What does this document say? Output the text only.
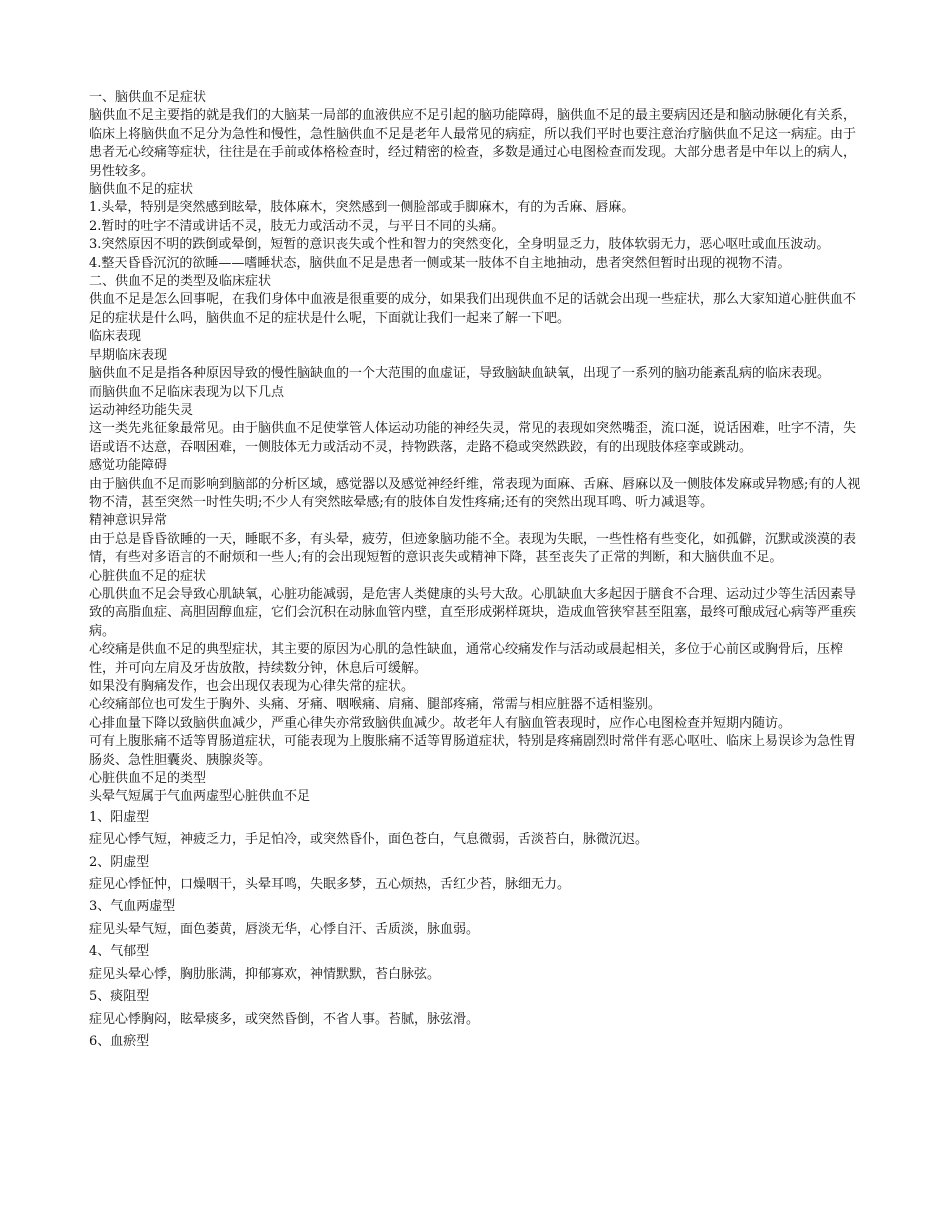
一、脑供血不足症状

脑供血不足主要指的就是我们的大脑某一局部的血液供应不足引起的脑功能障碍，脑供血不足的最主要病因还是和脑动脉硬化有关系，临床上将脑供血不足分为急性和慢性，急性脑供血不足是老年人最常见的病症，所以我们平时也要注意治疗脑供血不足这一病症。由于患者无心绞痛等症状，往往是在手前或体格检查时，经过精密的检查，多数是通过心电图检查而发现。大部分患者是中年以上的病人，男性较多。

脑供血不足的症状

1.头晕，特别是突然感到眩晕，肢体麻木，突然感到一侧脸部或手脚麻木，有的为舌麻、唇麻。

2.暂时的吐字不清或讲话不灵，肢无力或活动不灵，与平日不同的头痛。

3.突然原因不明的跌倒或晕倒，短暂的意识丧失或个性和智力的突然变化，全身明显乏力，肢体软弱无力，恶心呕吐或血压波动。

4.整天昏昏沉沉的欲睡——嗜睡状态，脑供血不足是患者一侧或某一肢体不自主地抽动，患者突然但暂时出现的视物不清。

二、供血不足的类型及临床症状

供血不足是怎么回事呢，在我们身体中血液是很重要的成分，如果我们出现供血不足的话就会出现一些症状，那么大家知道心脏供血不足的症状是什么吗，脑供血不足的症状是什么呢，下面就让我们一起来了解一下吧。

临床表现

早期临床表现

脑供血不足是指各种原因导致的慢性脑缺血的一个大范围的血虚证，导致脑缺血缺氧，出现了一系列的脑功能紊乱病的临床表现。

而脑供血不足临床表现为以下几点

运动神经功能失灵

这一类先兆征象最常见。由于脑供血不足使掌管人体运动功能的神经失灵，常见的表现如突然嘴歪，流口涎，说话困难，吐字不清，失语或语不达意，吞咽困难，一侧肢体无力或活动不灵，持物跌落，走路不稳或突然跌跤，有的出现肢体痉挛或跳动。

感觉功能障碍

由于脑供血不足而影响到脑部的分析区域，感觉器以及感觉神经纤维，常表现为面麻、舌麻、唇麻以及一侧肢体发麻或异物感;有的人视物不清，甚至突然一时性失明;不少人有突然眩晕感;有的肢体自发性疼痛;还有的突然出现耳鸣、听力减退等。

精神意识异常

由于总是昏昏欲睡的一天，睡眠不多，有头晕，疲劳，但迹象脑功能不全。表现为失眠，一些性格有些变化，如孤僻，沉默或淡漠的表情，有些对多语言的不耐烦和一些人;有的会出现短暂的意识丧失或精神下降，甚至丧失了正常的判断，和大脑供血不足。

心脏供血不足的症状

心肌供血不足会导致心肌缺氧，心脏功能减弱，是危害人类健康的头号大敌。心肌缺血大多起因于膳食不合理、运动过少等生活因素导致的高脂血症、高胆固醇血症，它们会沉积在动脉血管内壁，直至形成粥样斑块，造成血管狭窄甚至阻塞，最终可酿成冠心病等严重疾病。

心绞痛是供血不足的典型症状，其主要的原因为心肌的急性缺血，通常心绞痛发作与活动或晨起相关，多位于心前区或胸骨后，压榨性，并可向左肩及牙齿放散，持续数分钟，休息后可缓解。

如果没有胸痛发作，也会出现仅表现为心律失常的症状。

心绞痛部位也可发生于胸外、头痛、牙痛、咽喉痛、肩痛、腿部疼痛，常需与相应脏器不适相鉴别。

心排血量下降以致脑供血减少，严重心律失亦常致脑供血减少。故老年人有脑血管表现时，应作心电图检查并短期内随访。

可有上腹胀痛不适等胃肠道症状，可能表现为上腹胀痛不适等胃肠道症状，特别是疼痛剧烈时常伴有恶心呕吐、临床上易误诊为急性胃肠炎、急性胆囊炎、胰腺炎等。

心脏供血不足的类型

头晕气短属于气血两虚型心脏供血不足

1、阳虚型

症见心悸气短，神疲乏力，手足怕冷，或突然昏仆，面色苍白，气息微弱，舌淡苔白，脉微沉迟。

2、阴虚型

症见心悸怔忡，口燥咽干，头晕耳鸣，失眠多梦，五心烦热，舌红少苔，脉细无力。

3、气血两虚型

症见头晕气短，面色萎黄，唇淡无华，心悸自汗、舌质淡，脉血弱。

4、气郁型

症见头晕心悸，胸肋胀满，抑郁寡欢，神情默默，苔白脉弦。

5、痰阻型

症见心悸胸闷，眩晕痰多，或突然昏倒，不省人事。苔腻，脉弦滑。

6、血瘀型
